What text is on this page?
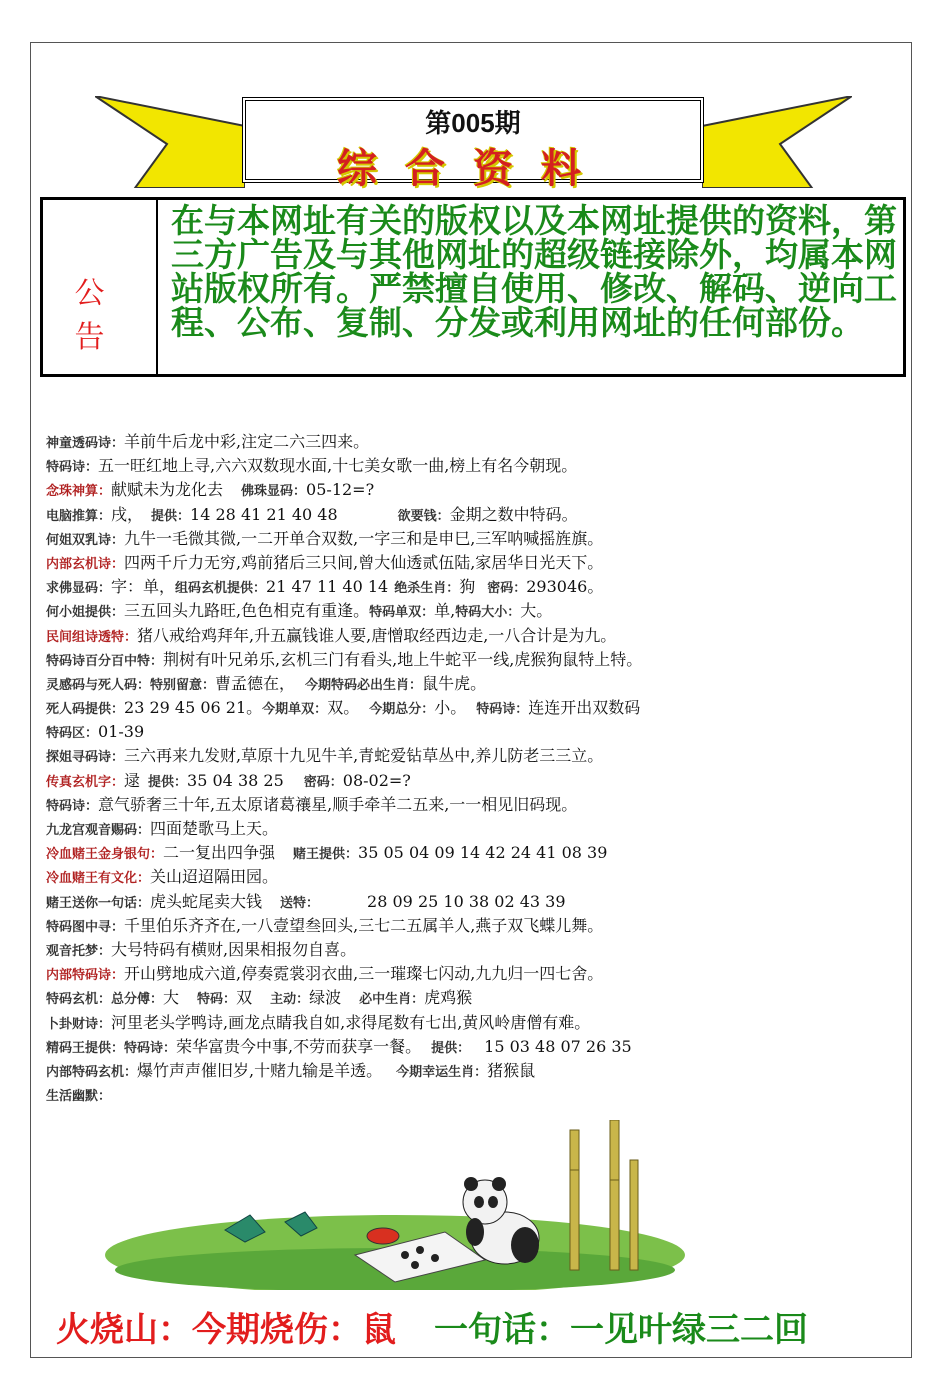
第005期
综合资料
公 告
在与本网址有关的版权以及本网址提供的资料，第三方广告及与其他网址的超级链接除外，均属本网站版权所有。严禁擅自使用、修改、解码、逆向工程、公布、复制、分发或利用网址的任何部份。
神童透码诗：羊前牛后龙中彩,注定二六三四来。
特码诗：五一旺红地上寻,六六双数现水面,十七美女歌一曲,榜上有名今朝现。
念珠神算：献赋未为龙化去 佛珠显码：05-12=?
电脑推算：戌， 提供：14 28 41 21 40 48	欲要钱：金期之数中特码。
何姐双乳诗：九牛一毛微其微,一二开单合双数,一字三和是申巳,三军呐喊摇旌旗。
内部玄机诗：四两千斤力无穷,鸡前猪后三只间,曾大仙透贰伍陆,家居华日光天下。
求佛显码：字：单，组码玄机提供：21 47 11 40 14 绝杀生肖：狗 密码：293046。
何小姐提供：三五回头九路旺,色色相克有重逢。特码单双：单,特码大小：大。
民间组诗透特：猪八戒给鸡拜年,升五赢钱谁人要,唐憎取经西边走,一八合计是为九。
特码诗百分百中特：荆树有叶兄弟乐,玄机三门有看头,地上牛蛇平一线,虎猴狗鼠特上特。
灵感码与死人码：特别留意：曹孟德在， 今期特码必出生肖：鼠牛虎。
死人码提供：23 29 45 06 21。今期单双：双。 今期总分：小。 特码诗：连连开出双数码
特码区：01-39
探姐寻码诗：三六再来九发财,草原十九见牛羊,青蛇爱钻草丛中,养儿防老三三立。
传真玄机字：逯 提供：35 04 38 25 密码：08-02=?
特码诗：意气骄奢三十年,五太原诸葛禳星,顺手牵羊二五来,一一相见旧码现。
九龙宫观音赐码：四面楚歌马上天。
冷血赌王金身银句：二一复出四争强 赌王提供：35 05 04 09 14 42 24 41 08 39
冷血赌王有文化：关山迢迢隔田园。
赌王送你一句话：虎头蛇尾卖大钱 送特：	28 09 25 10 38 02 43 39
特码图中寻：千里伯乐齐齐在,一八壹望叁回头,三七二五属羊人,燕子双飞蝶儿舞。
观音托梦：大号特码有横财,因果相报勿自喜。
内部特码诗：开山劈地成六道,停奏霓裳羽衣曲,三一璀璨七闪动,九九归一四七舍。
特码玄机：总分傅：大 特码：双 主动：绿波 必中生肖：虎鸡猴
卜卦财诗：河里老头学鸭诗,画龙点睛我自如,求得尾数有七出,黄风岭唐僧有难。
精码王提供：特码诗：荣华富贵今中事,不劳而获享一餐。 提供： 15 03 48 07 26 35
内部特码玄机：爆竹声声催旧岁,十赌九输是羊透。 今期幸运生肖：猪猴鼠
生活幽默：
火烧山：今期烧伤：鼠 一句话：一见叶绿三二回
